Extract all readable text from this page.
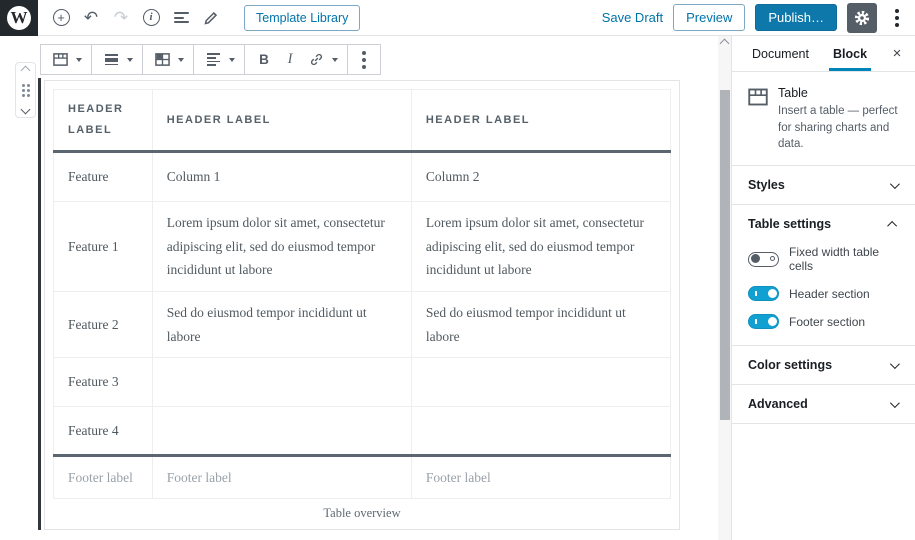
W	+ ↶ ↷	i	Template Library	Save Draft	Preview	Publish…
B	I
HEADER LABEL	HEADER LABEL	HEADER LABEL
Feature	Column 1	Column 2
Feature 1	Lorem ipsum dolor sit amet, consectetur adipiscing elit, sed do eiusmod tempor incididunt ut labore	Lorem ipsum dolor sit amet, consectetur adipiscing elit, sed do eiusmod tempor incididunt ut labore
Feature 2	Sed do eiusmod tempor incididunt ut labore	Sed do eiusmod tempor incididunt ut labore
Feature 3		
Feature 4		
Footer label	Footer label	Footer label
Table overview
Document	Block ×
Table
Insert a table — perfect for sharing charts and data.
Styles
Table settings
Fixed width table cells
Header section
Footer section
Color settings
Advanced
